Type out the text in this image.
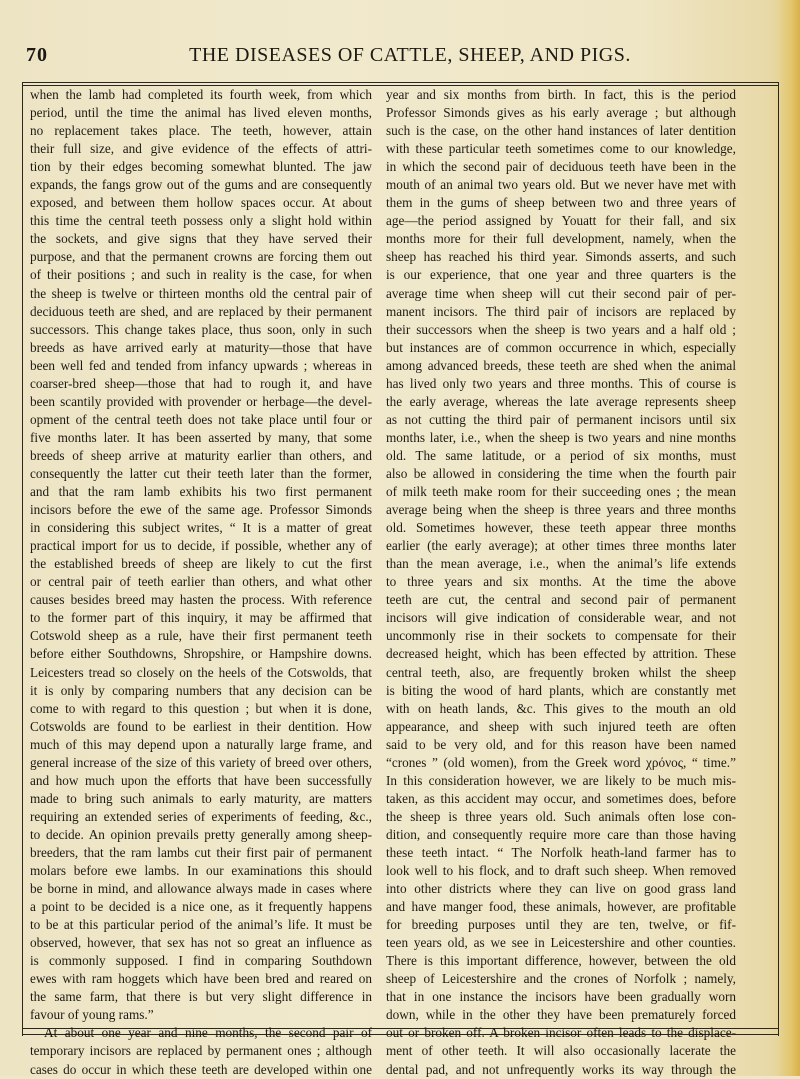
70	THE DISEASES OF CATTLE, SHEEP, AND PIGS.
when the lamb had completed its fourth week, from which
period, until the time the animal has lived eleven months,
no replacement takes place. The teeth, however, attain
their full size, and give evidence of the effects of attri-
tion by their edges becoming somewhat blunted. The jaw
expands, the fangs grow out of the gums and are consequently
exposed, and between them hollow spaces occur. At about
this time the central teeth possess only a slight hold within
the sockets, and give signs that they have served their
purpose, and that the permanent crowns are forcing them out
of their positions ; and such in reality is the case, for when
the sheep is twelve or thirteen months old the central pair of
deciduous teeth are shed, and are replaced by their permanent
successors. This change takes place, thus soon, only in such
breeds as have arrived early at maturity—those that have
been well fed and tended from infancy upwards ; whereas in
coarser-bred sheep—those that had to rough it, and have
been scantily provided with provender or herbage—the devel-
opment of the central teeth does not take place until four or
five months later. It has been asserted by many, that some
breeds of sheep arrive at maturity earlier than others, and
consequently the latter cut their teeth later than the former,
and that the ram lamb exhibits his two first permanent
incisors before the ewe of the same age. Professor Simonds
in considering this subject writes, “ It is a matter of great
practical import for us to decide, if possible, whether any of
the established breeds of sheep are likely to cut the first
or central pair of teeth earlier than others, and what other
causes besides breed may hasten the process. With reference
to the former part of this inquiry, it may be affirmed that
Cotswold sheep as a rule, have their first permanent teeth
before either Southdowns, Shropshire, or Hampshire downs.
Leicesters tread so closely on the heels of the Cotswolds, that
it is only by comparing numbers that any decision can be
come to with regard to this question ; but when it is done,
Cotswolds are found to be earliest in their dentition. How
much of this may depend upon a naturally large frame, and
general increase of the size of this variety of breed over others,
and how much upon the efforts that have been successfully
made to bring such animals to early maturity, are matters
requiring an extended series of experiments of feeding, &c.,
to decide. An opinion prevails pretty generally among sheep-
breeders, that the ram lambs cut their first pair of permanent
molars before ewe lambs. In our examinations this should
be borne in mind, and allowance always made in cases where
a point to be decided is a nice one, as it frequently happens
to be at this particular period of the animal’s life. It must be
observed, however, that sex has not so great an influence as
is commonly supposed. I find in comparing Southdown
ewes with ram hoggets which have been bred and reared on
the same farm, that there is but very slight difference in
favour of young rams.”
At about one year and nine months, the second pair of
temporary incisors are replaced by permanent ones ; although
cases do occur in which these teeth are developed within one
year and six months from birth. In fact, this is the period
Professor Simonds gives as his early average ; but although
such is the case, on the other hand instances of later dentition
with these particular teeth sometimes come to our knowledge,
in which the second pair of deciduous teeth have been in the
mouth of an animal two years old. But we never have met with
them in the gums of sheep between two and three years of
age—the period assigned by Youatt for their fall, and six
months more for their full development, namely, when the
sheep has reached his third year. Simonds asserts, and such
is our experience, that one year and three quarters is the
average time when sheep will cut their second pair of per-
manent incisors. The third pair of incisors are replaced by
their successors when the sheep is two years and a half old ;
but instances are of common occurrence in which, especially
among advanced breeds, these teeth are shed when the animal
has lived only two years and three months. This of course is
the early average, whereas the late average represents sheep
as not cutting the third pair of permanent incisors until six
months later, i.e., when the sheep is two years and nine months
old. The same latitude, or a period of six months, must
also be allowed in considering the time when the fourth pair
of milk teeth make room for their succeeding ones ; the mean
average being when the sheep is three years and three months
old. Sometimes however, these teeth appear three months
earlier (the early average); at other times three months later
than the mean average, i.e., when the animal’s life extends
to three years and six months. At the time the above
teeth are cut, the central and second pair of permanent
incisors will give indication of considerable wear, and not
uncommonly rise in their sockets to compensate for their
decreased height, which has been effected by attrition. These
central teeth, also, are frequently broken whilst the sheep
is biting the wood of hard plants, which are constantly met
with on heath lands, &c. This gives to the mouth an old
appearance, and sheep with such injured teeth are often
said to be very old, and for this reason have been named
“crones ” (old women), from the Greek word χρόνος, “ time.”
In this consideration however, we are likely to be much mis-
taken, as this accident may occur, and sometimes does, before
the sheep is three years old. Such animals often lose con-
dition, and consequently require more care than those having
these teeth intact. “ The Norfolk heath-land farmer has to
look well to his flock, and to draft such sheep. When removed
into other districts where they can live on good grass land
and have manger food, these animals, however, are profitable
for breeding purposes until they are ten, twelve, or fif-
teen years old, as we see in Leicestershire and other counties.
There is this important difference, however, between the old
sheep of Leicestershire and the crones of Norfolk ; namely,
that in one instance the incisors have been gradually worn
down, while in the other they have been prematurely forced
out or broken off. A broken incisor often leads to the displace-
ment of other teeth. It will also occasionally lacerate the
dental pad, and not unfrequently works its way through the
